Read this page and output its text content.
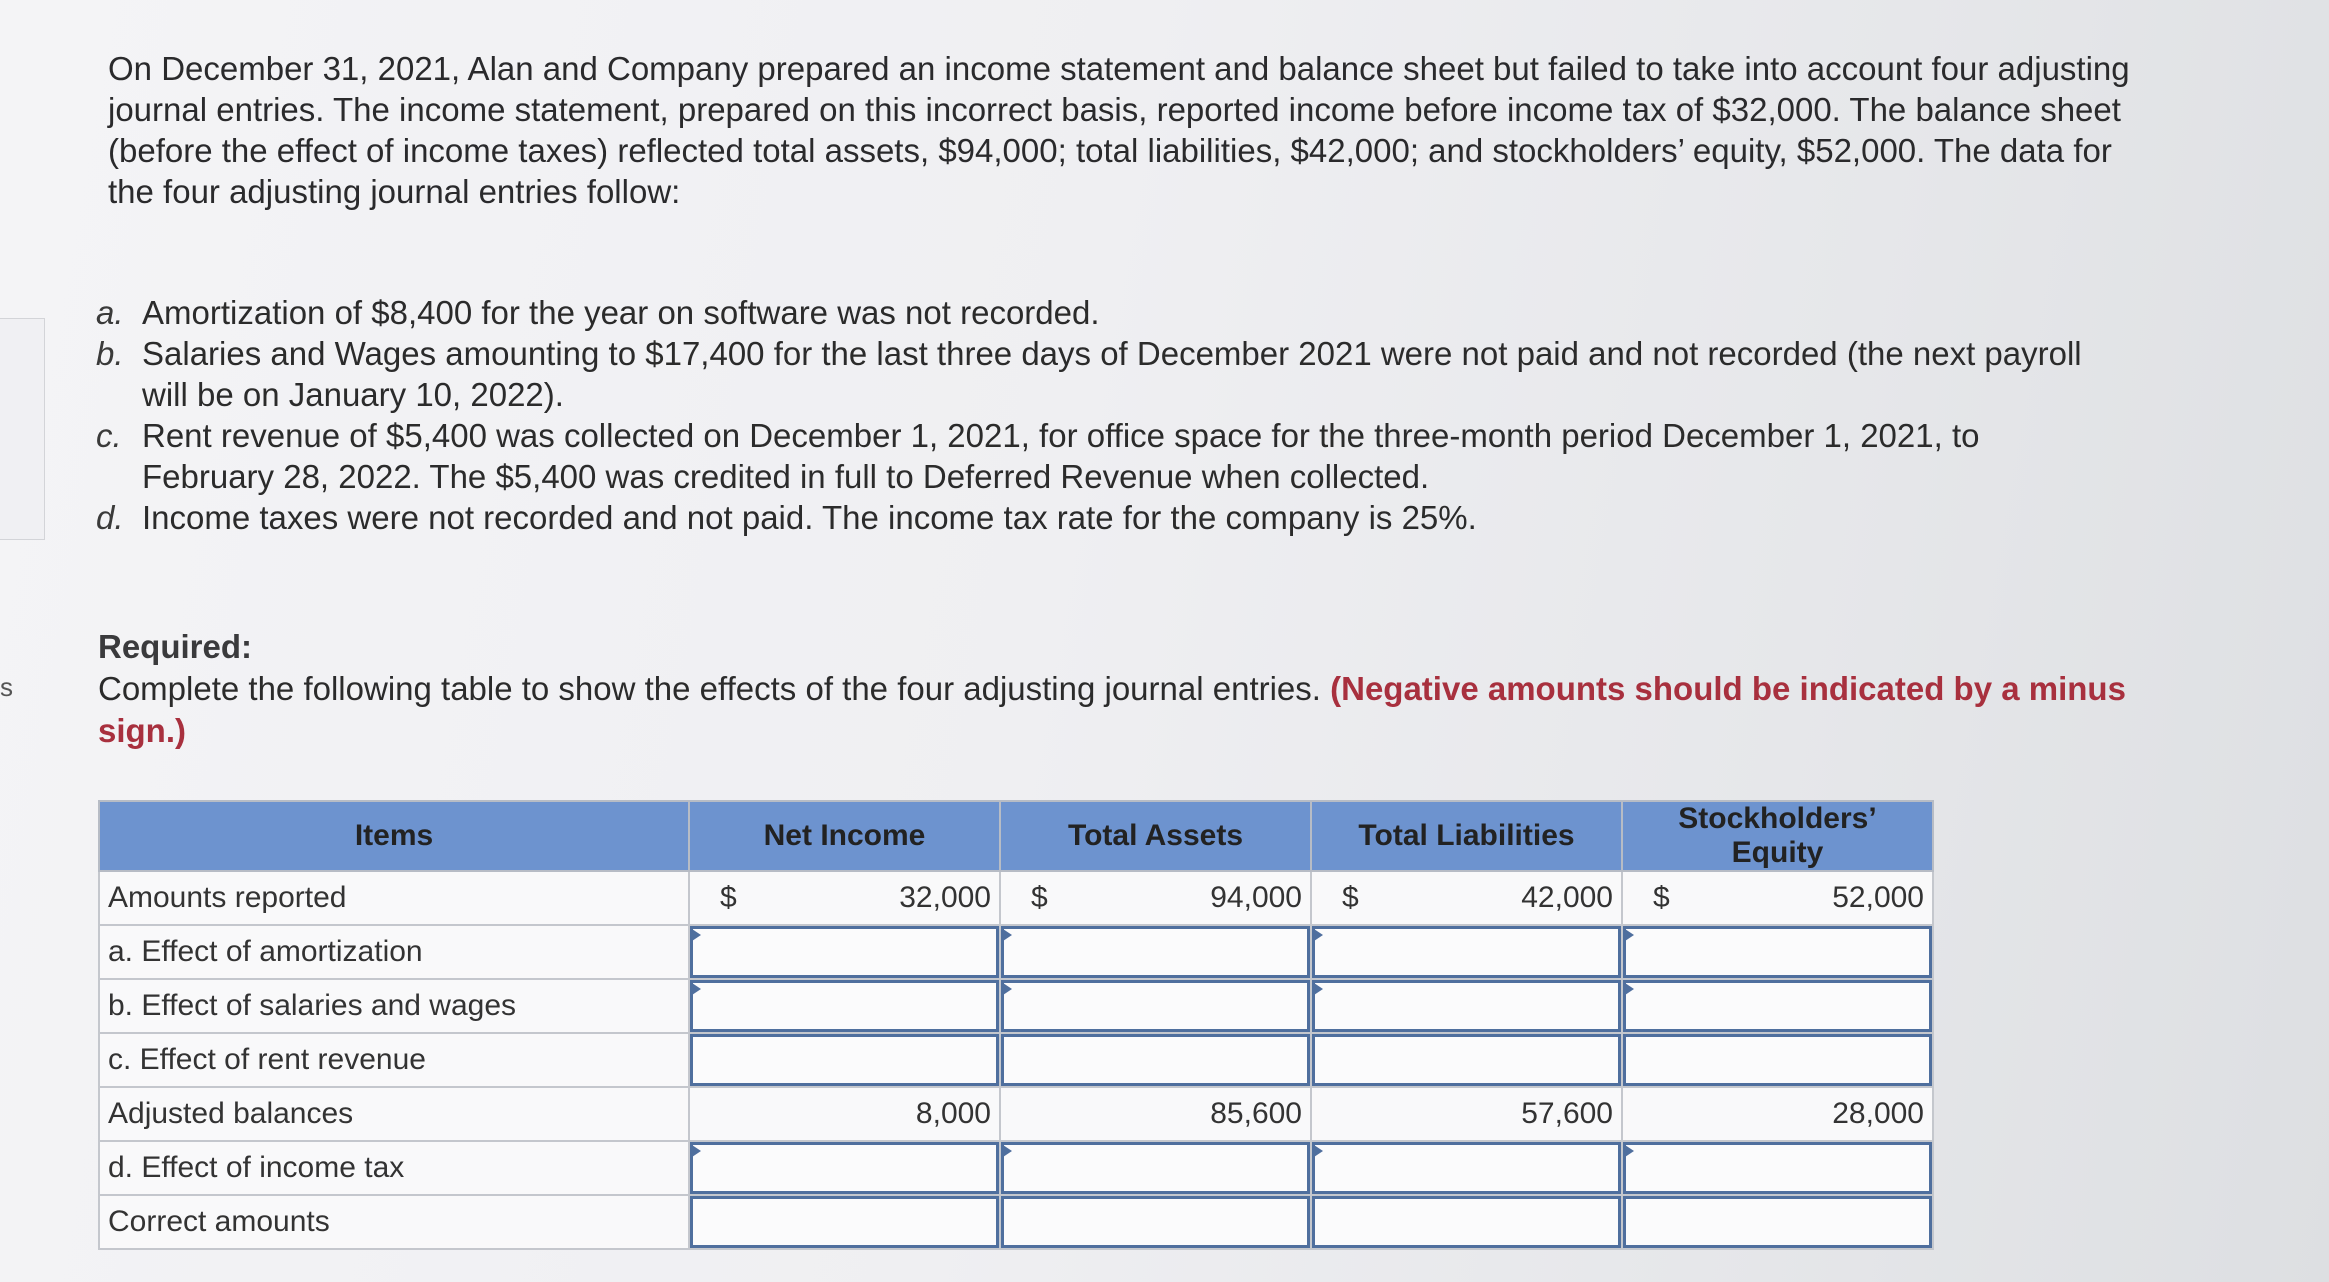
s

On December 31, 2021, Alan and Company prepared an income statement and balance sheet but failed to take into account four adjusting journal entries. The income statement, prepared on this incorrect basis, reported income before income tax of $32,000. The balance sheet (before the effect of income taxes) reflected total assets, $94,000; total liabilities, $42,000; and stockholders’ equity, $52,000. The data for the four adjusting journal entries follow:

a. Amortization of $8,400 for the year on software was not recorded.
b. Salaries and Wages amounting to $17,400 for the last three days of December 2021 were not paid and not recorded (the next payroll will be on January 10, 2022).
c. Rent revenue of $5,400 was collected on December 1, 2021, for office space for the three-month period December 1, 2021, to February 28, 2022. The $5,400 was credited in full to Deferred Revenue when collected.
d. Income taxes were not recorded and not paid. The income tax rate for the company is 25%.
Required:
Complete the following table to show the effects of the four adjusting journal entries. (Negative amounts should be indicated by a minus sign.)
Items	Net Income	Total Assets	Total Liabilities	Stockholders’ Equity
Amounts reported	$ 32,000	$ 94,000	$ 42,000	$ 52,000
a. Effect of amortization	

b. Effect of salaries and wages	

c. Effect of rent revenue				
Adjusted balances	8,000	85,600	57,600	28,000
d. Effect of income tax	

Correct amounts				
